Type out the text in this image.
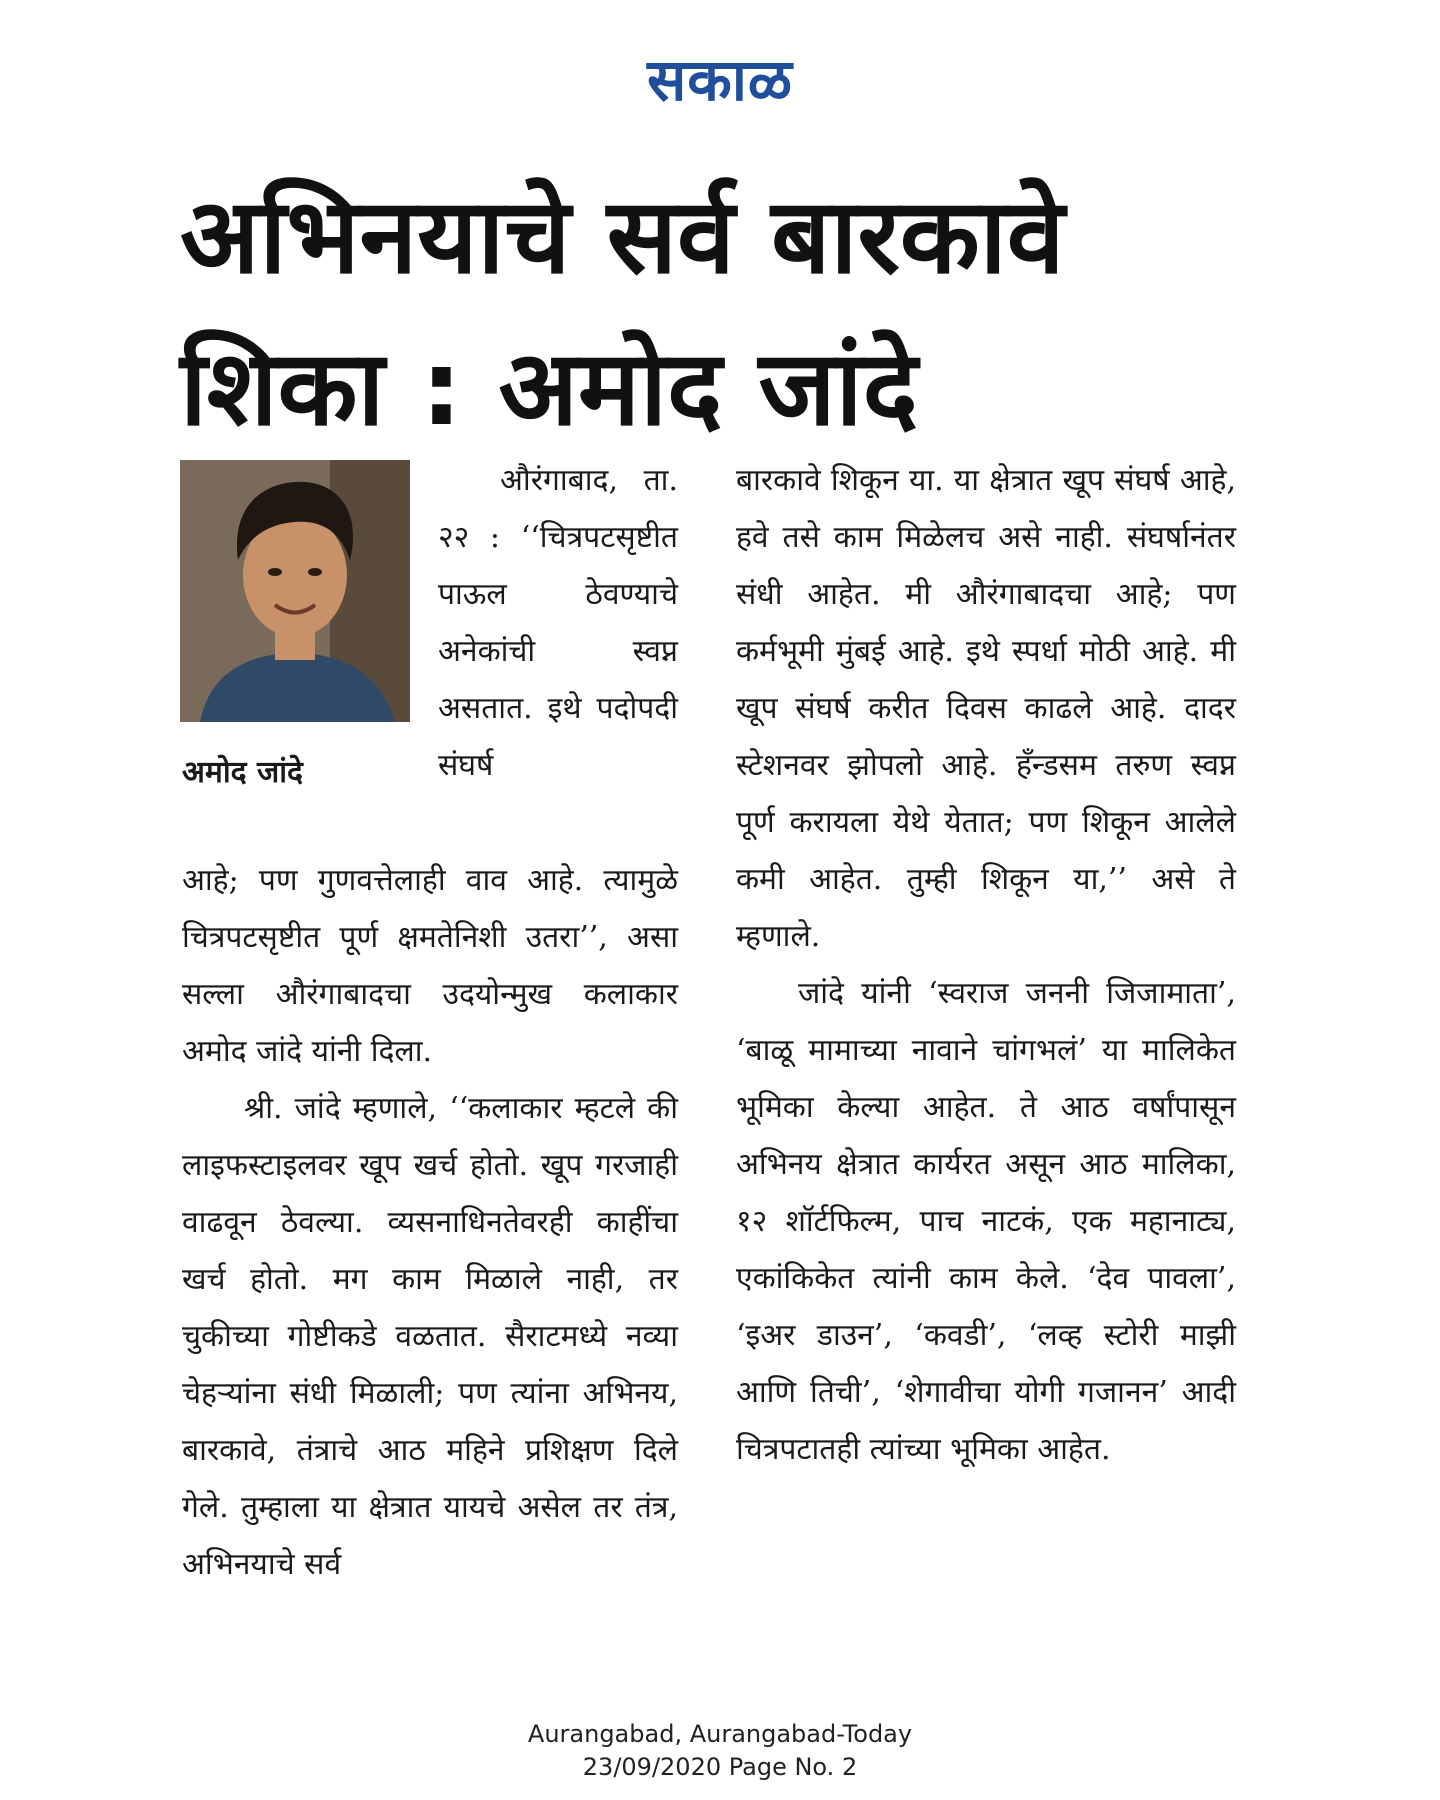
सकाळ
अभिनयाचे सर्व बारकावे
शिका : अमोद जांदे
अमोद जांदे

औरंगाबाद, ता. २२ : ‘‘चित्रपटसृष्टीत पाऊल ठेवण्याचे अनेकांची स्वप्न असतात. इथे पदोपदी संघर्ष

आहे; पण गुणवत्तेलाही वाव आहे. त्यामुळे चित्रपटसृष्टीत पूर्ण क्षमतेनिशी उतरा’’, असा सल्ला औरंगाबादचा उदयोन्मुख कलाकार अमोद जांदे यांनी दिला.

श्री. जांदे म्हणाले, ‘‘कलाकार म्हटले की लाइफस्टाइलवर खूप खर्च होतो. खूप गरजाही वाढवून ठेवल्या. व्यसनाधिनतेवरही काहींचा खर्च होतो. मग काम मिळाले नाही, तर चुकीच्या गोष्टीकडे वळतात. सैराटमध्ये नव्या चेहऱ्यांना संधी मिळाली; पण त्यांना अभिनय, बारकावे, तंत्राचे आठ महिने प्रशिक्षण दिले गेले. तुम्हाला या क्षेत्रात यायचे असेल तर तंत्र, अभिनयाचे सर्व

बारकावे शिकून या. या क्षेत्रात खूप संघर्ष आहे, हवे तसे काम मिळेलच असे नाही. संघर्षानंतर संधी आहेत. मी औरंगाबादचा आहे; पण कर्मभूमी मुंबई आहे. इथे स्पर्धा मोठी आहे. मी खूप संघर्ष करीत दिवस काढले आहे. दादर स्टेशनवर झोपलो आहे. हँन्डसम तरुण स्वप्न पूर्ण करायला येथे येतात; पण शिकून आलेले कमी आहेत. तुम्ही शिकून या,’’ असे ते म्हणाले.

जांदे यांनी ‘स्वराज जननी जिजामाता’, ‘बाळू मामाच्या नावाने चांगभलं’ या मालिकेत भूमिका केल्या आहेत. ते आठ वर्षांपासून अभिनय क्षेत्रात कार्यरत असून आठ मालिका, १२ शॉर्टफिल्म, पाच नाटकं, एक महानाट्य, एकांकिकेत त्यांनी काम केले. ‘देव पावला’, ‘इअर डाउन’, ‘कवडी’, ‘लव्ह स्टोरी माझी आणि तिची’, ‘शेगावीचा योगी गजानन’ आदी चित्रपटातही त्यांच्या भूमिका आहेत.

Aurangabad, Aurangabad-Today
23/09/2020 Page No. 2
